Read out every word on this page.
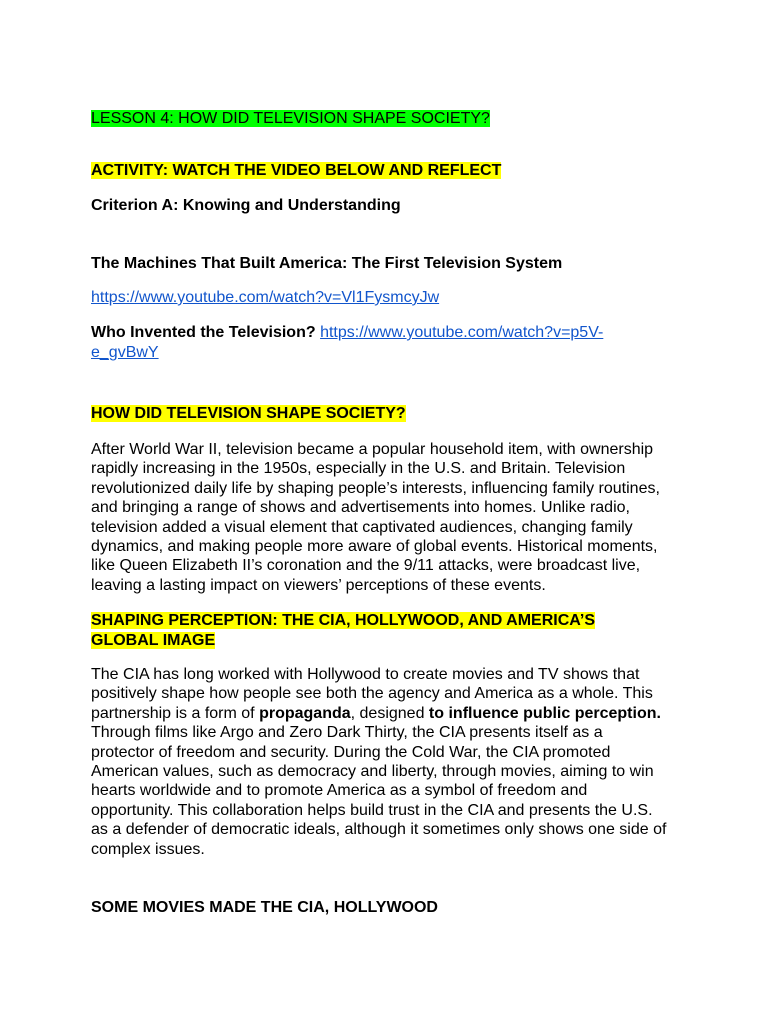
LESSON 4: HOW DID TELEVISION SHAPE SOCIETY?
ACTIVITY: WATCH THE VIDEO BELOW AND REFLECT
Criterion A: Knowing and Understanding
The Machines That Built America: The First Television System
https://www.youtube.com/watch?v=Vl1FysmcyJw
Who Invented the Television? https://www.youtube.com/watch?v=p5V-
e_gvBwY
HOW DID TELEVISION SHAPE SOCIETY?
After World War II, television became a popular household item, with ownership
rapidly increasing in the 1950s, especially in the U.S. and Britain. Television
revolutionized daily life by shaping people’s interests, influencing family routines,
and bringing a range of shows and advertisements into homes. Unlike radio,
television added a visual element that captivated audiences, changing family
dynamics, and making people more aware of global events. Historical moments,
like Queen Elizabeth II’s coronation and the 9/11 attacks, were broadcast live,
leaving a lasting impact on viewers’ perceptions of these events.
SHAPING PERCEPTION: THE CIA, HOLLYWOOD, AND AMERICA’S
GLOBAL IMAGE
The CIA has long worked with Hollywood to create movies and TV shows that
positively shape how people see both the agency and America as a whole. This
partnership is a form of propaganda, designed to influence public perception.
Through films like Argo and Zero Dark Thirty, the CIA presents itself as a
protector of freedom and security. During the Cold War, the CIA promoted
American values, such as democracy and liberty, through movies, aiming to win
hearts worldwide and to promote America as a symbol of freedom and
opportunity. This collaboration helps build trust in the CIA and presents the U.S.
as a defender of democratic ideals, although it sometimes only shows one side of
complex issues.
SOME MOVIES MADE THE CIA, HOLLYWOOD
